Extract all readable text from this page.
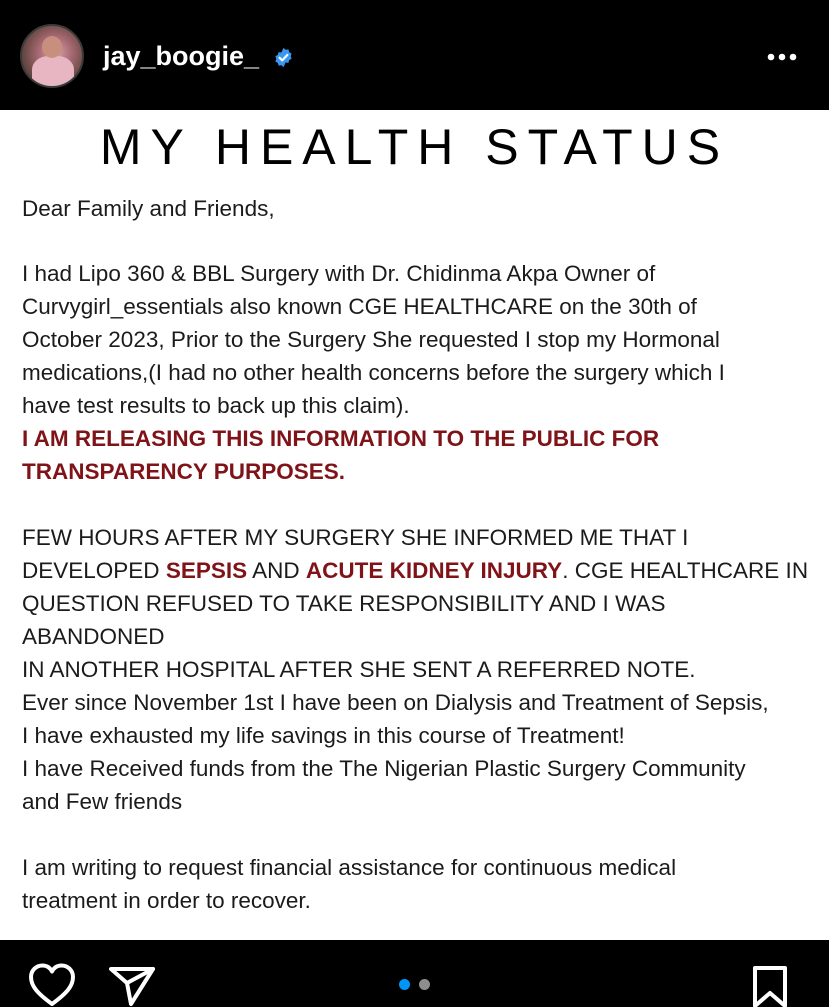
jay_boogie_
MY HEALTH STATUS

Dear Family and Friends,

I had Lipo 360 & BBL Surgery with Dr. Chidinma Akpa Owner of
Curvygirl_essentials also known CGE HEALTHCARE on the 30th of
October 2023, Prior to the Surgery She requested I stop my Hormonal
medications,(I had no other health concerns before the surgery which I
have test results to back up this claim).
I AM RELEASING THIS INFORMATION TO THE PUBLIC FOR
TRANSPARENCY PURPOSES.
FEW HOURS AFTER MY SURGERY SHE INFORMED ME THAT I
DEVELOPED SEPSIS AND ACUTE KIDNEY INJURY. CGE HEALTHCARE IN
QUESTION REFUSED TO TAKE RESPONSIBILITY AND I WAS ABANDONED
IN ANOTHER HOSPITAL AFTER SHE SENT A REFERRED NOTE.
Ever since November 1st I have been on Dialysis and Treatment of Sepsis,
I have exhausted my life savings in this course of Treatment!
I have Received funds from the The Nigerian Plastic Surgery Community
and Few friends
I am writing to request financial assistance for continuous medical
treatment in order to recover.
